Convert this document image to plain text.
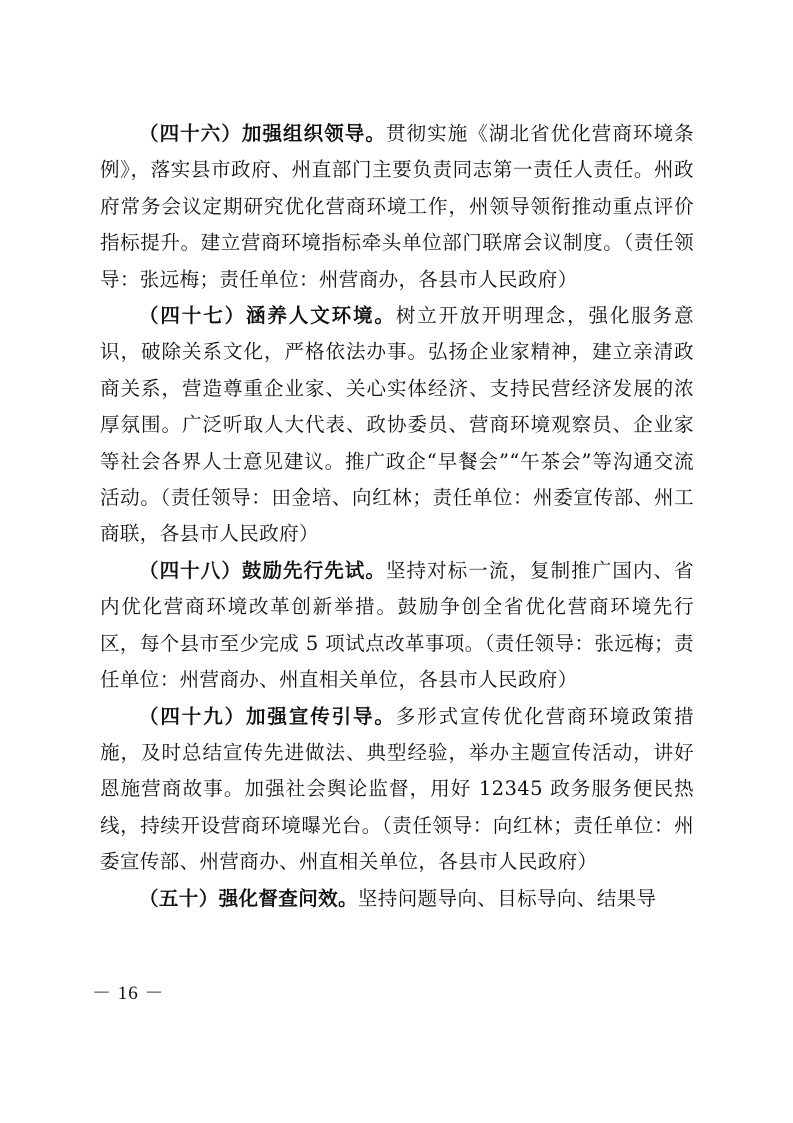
（四十六）加强组织领导。贯彻实施《湖北省优化营商环境条例》，落实县市政府、州直部门主要负责同志第一责任人责任。州政府常务会议定期研究优化营商环境工作，州领导领衔推动重点评价指标提升。建立营商环境指标牵头单位部门联席会议制度。（责任领导：张远梅；责任单位：州营商办，各县市人民政府）

（四十七）涵养人文环境。树立开放开明理念，强化服务意识，破除关系文化，严格依法办事。弘扬企业家精神，建立亲清政商关系，营造尊重企业家、关心实体经济、支持民营经济发展的浓厚氛围。广泛听取人大代表、政协委员、营商环境观察员、企业家等社会各界人士意见建议。推广政企“早餐会”“午茶会”等沟通交流活动。（责任领导：田金培、向红林；责任单位：州委宣传部、州工商联，各县市人民政府）

（四十八）鼓励先行先试。坚持对标一流，复制推广国内、省内优化营商环境改革创新举措。鼓励争创全省优化营商环境先行区，每个县市至少完成 5 项试点改革事项。（责任领导：张远梅；责任单位：州营商办、州直相关单位，各县市人民政府）

（四十九）加强宣传引导。多形式宣传优化营商环境政策措施，及时总结宣传先进做法、典型经验，举办主题宣传活动，讲好恩施营商故事。加强社会舆论监督，用好 12345 政务服务便民热线，持续开设营商环境曝光台。（责任领导：向红林；责任单位：州委宣传部、州营商办、州直相关单位，各县市人民政府）

（五十）强化督查问效。坚持问题导向、目标导向、结果导

－ 16 －
